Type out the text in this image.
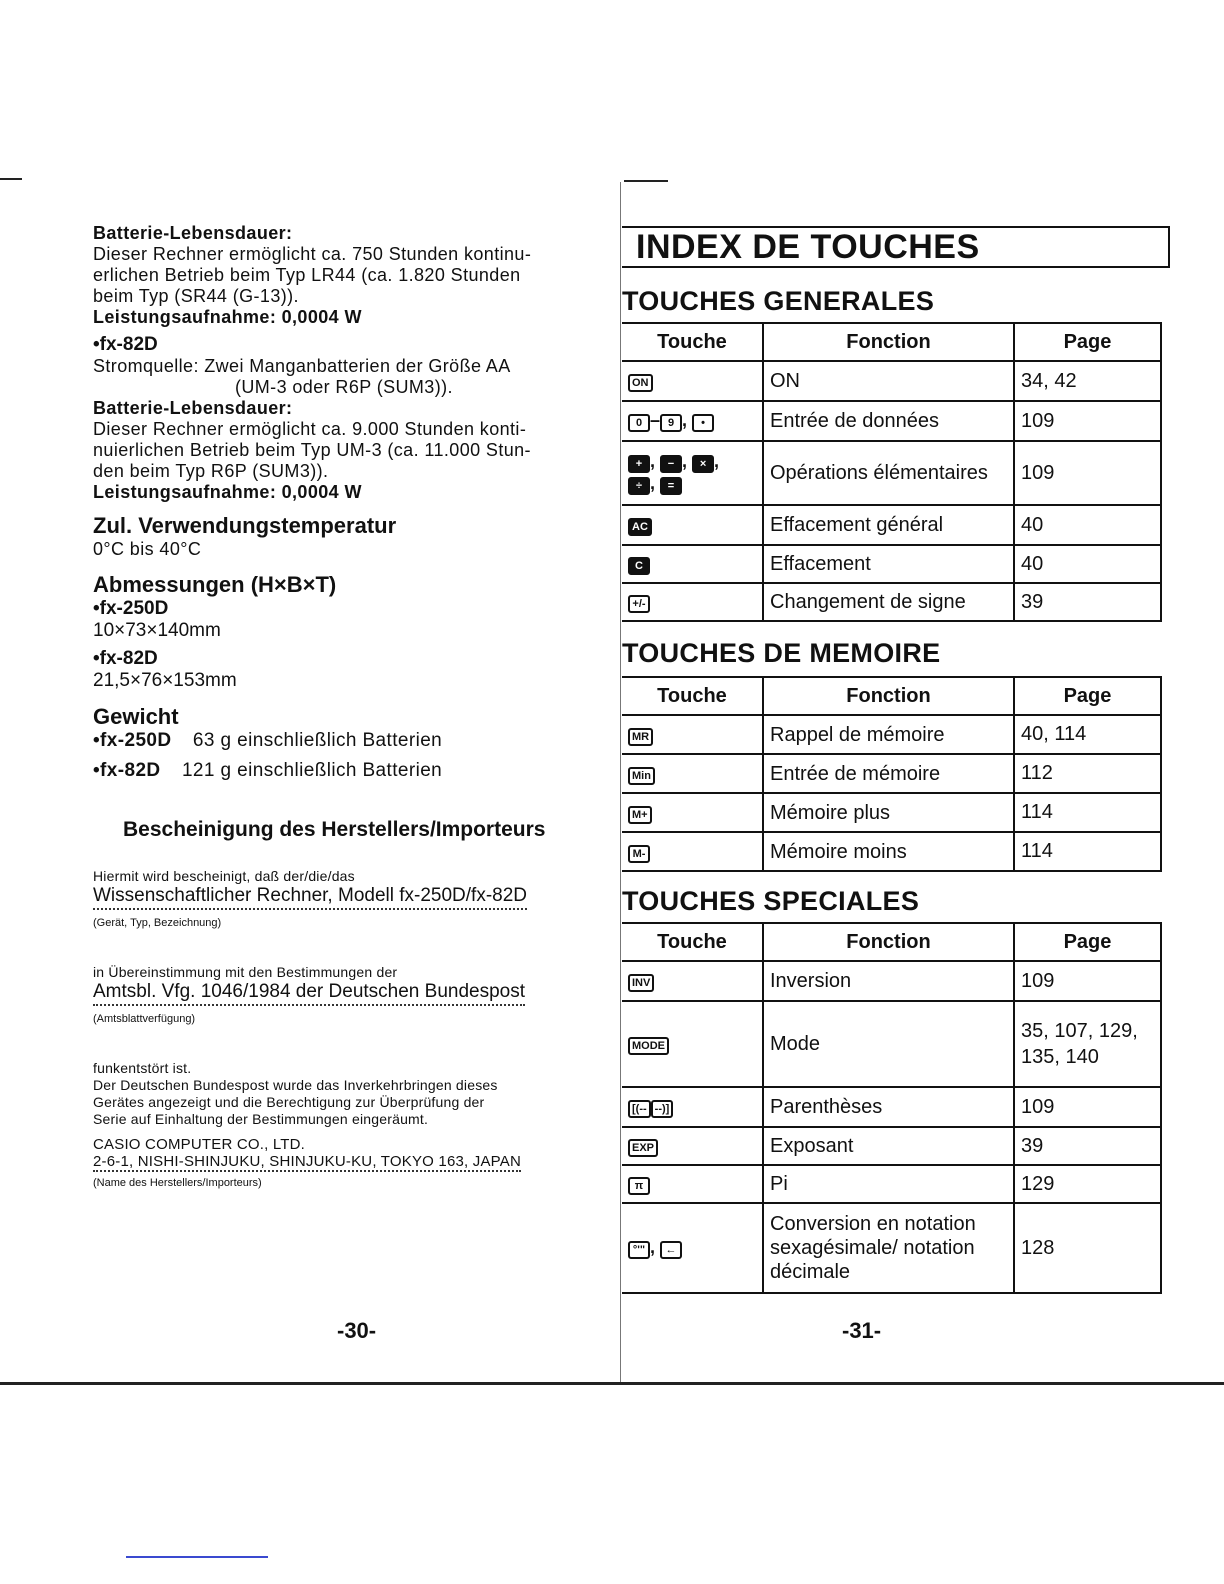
Batterie-Lebensdauer:
Dieser Rechner ermöglicht ca. 750 Stunden kontinu-
erlichen Betrieb beim Typ LR44 (ca. 1.820 Stunden
beim Typ (SR44 (G-13)).
Leistungsaufnahme: 0,0004 W
•fx-82D
Stromquelle: Zwei Manganbatterien der Größe AA
(UM-3 oder R6P (SUM3)).
Batterie-Lebensdauer:
Dieser Rechner ermöglicht ca. 9.000 Stunden konti-
nuierlichen Betrieb beim Typ UM-3 (ca. 11.000 Stun-
den beim Typ R6P (SUM3)).
Leistungsaufnahme: 0,0004 W
Zul. Verwendungstemperatur
0°C bis 40°C
Abmessungen (H×B×T)
•fx-250D
10×73×140mm
•fx-82D
21,5×76×153mm
Gewicht
•fx-250D 63 g einschließlich Batterien
•fx-82D 121 g einschließlich Batterien
Bescheinigung des Herstellers/Importeurs
Hiermit wird bescheinigt, daß der/die/das
Wissenschaftlicher Rechner, Modell fx-250D/fx-82D
(Gerät, Typ, Bezeichnung)
in Übereinstimmung mit den Bestimmungen der
Amtsbl. Vfg. 1046/1984 der Deutschen Bundespost
(Amtsblattverfügung)
funkentstört ist.
Der Deutschen Bundespost wurde das Inverkehrbringen dieses
Gerätes angezeigt und die Berechtigung zur Überprüfung der
Serie auf Einhaltung der Bestimmungen eingeräumt.
CASIO COMPUTER CO., LTD.
2-6-1, NISHI-SHINJUKU, SHINJUKU-KU, TOKYO 163, JAPAN
(Name des Herstellers/Importeurs)
-30-
INDEX DE TOUCHES
TOUCHES GENERALES
Touche	Fonction	Page
ON	ON	34, 42
0 – 9 , •	Entrée de données	109
+ , − , × ,
÷ , =	Opérations élémentaires	109
AC	Effacement général	40
C	Effacement	40
+/-	Changement de signe	39
TOUCHES DE MEMOIRE
Touche	Fonction	Page
MR	Rappel de mémoire	40, 114
Min	Entrée de mémoire	112
M+	Mémoire plus	114
M-	Mémoire moins	114
TOUCHES SPECIALES
Touche	Fonction	Page
INV	Inversion	109
MODE	Mode	35, 107, 129, 135, 140
[(-- --)]	Parenthèses	109
EXP	Exposant	39
π	Pi	129
°'" , ←	Conversion en notation sexagésimale/ notation décimale	128
-31-
